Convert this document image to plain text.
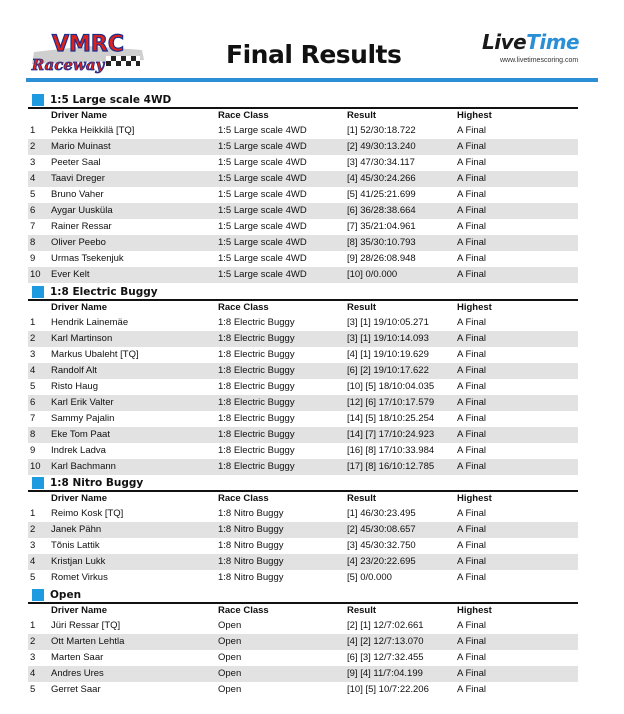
VMRC
Raceway	Final Results	LiveTime
www.livetimescoring.com
1:5 Large scale 4WD
Driver Name	Race Class	Result	Highest
1 Pekka Heikkilä [TQ]	1:5 Large scale 4WD	[1] 52/30:18.722	A Final
2 Mario Muinast	1:5 Large scale 4WD	[2] 49/30:13.240	A Final
3 Peeter Saal	1:5 Large scale 4WD	[3] 47/30:34.117	A Final
4 Taavi Dreger	1:5 Large scale 4WD	[4] 45/30:24.266	A Final
5 Bruno Vaher	1:5 Large scale 4WD	[5] 41/25:21.699	A Final
6 Aygar Uusküla	1:5 Large scale 4WD	[6] 36/28:38.664	A Final
7 Rainer Ressar	1:5 Large scale 4WD	[7] 35/21:04.961	A Final
8 Oliver Peebo	1:5 Large scale 4WD	[8] 35/30:10.793	A Final
9 Urmas Tsekenjuk	1:5 Large scale 4WD	[9] 28/26:08.948	A Final
10 Ever Kelt	1:5 Large scale 4WD	[10] 0/0.000	A Final
1:8 Electric Buggy
Driver Name	Race Class	Result	Highest
1 Hendrik Lainemäe	1:8 Electric Buggy	[3] [1] 19/10:05.271	A Final
2 Karl Martinson	1:8 Electric Buggy	[3] [1] 19/10:14.093	A Final
3 Markus Ubaleht [TQ]	1:8 Electric Buggy	[4] [1] 19/10:19.629	A Final
4 Randolf Alt	1:8 Electric Buggy	[6] [2] 19/10:17.622	A Final
5 Risto Haug	1:8 Electric Buggy	[10] [5] 18/10:04.035 A Final
6 Karl Erik Valter	1:8 Electric Buggy	[12] [6] 17/10:17.579 A Final
7 Sammy Pajalin	1:8 Electric Buggy	[14] [5] 18/10:25.254 A Final
8 Eke Tom Paat	1:8 Electric Buggy	[14] [7] 17/10:24.923 A Final
9 Indrek Ladva	1:8 Electric Buggy	[16] [8] 17/10:33.984 A Final
10 Karl Bachmann	1:8 Electric Buggy	[17] [8] 16/10:12.785 A Final
1:8 Nitro Buggy
Driver Name	Race Class	Result	Highest
1 Reimo Kosk [TQ]	1:8 Nitro Buggy	[1] 46/30:23.495	A Final
2 Janek Pähn	1:8 Nitro Buggy	[2] 45/30:08.657	A Final
3 Tõnis Lattik	1:8 Nitro Buggy	[3] 45/30:32.750	A Final
4 Kristjan Lukk	1:8 Nitro Buggy	[4] 23/20:22.695	A Final
5 Romet Virkus	1:8 Nitro Buggy	[5] 0/0.000	A Final
Open
Driver Name	Race Class	Result	Highest
1 Jüri Ressar [TQ]	Open	[2] [1] 12/7:02.661	A Final
2 Ott Marten Lehtla	Open	[4] [2] 12/7:13.070	A Final
3 Marten Saar	Open	[6] [3] 12/7:32.455	A Final
4 Andres Ures	Open	[9] [4] 11/7:04.199	A Final
5 Gerret Saar	Open	[10] [5] 10/7:22.206	A Final
